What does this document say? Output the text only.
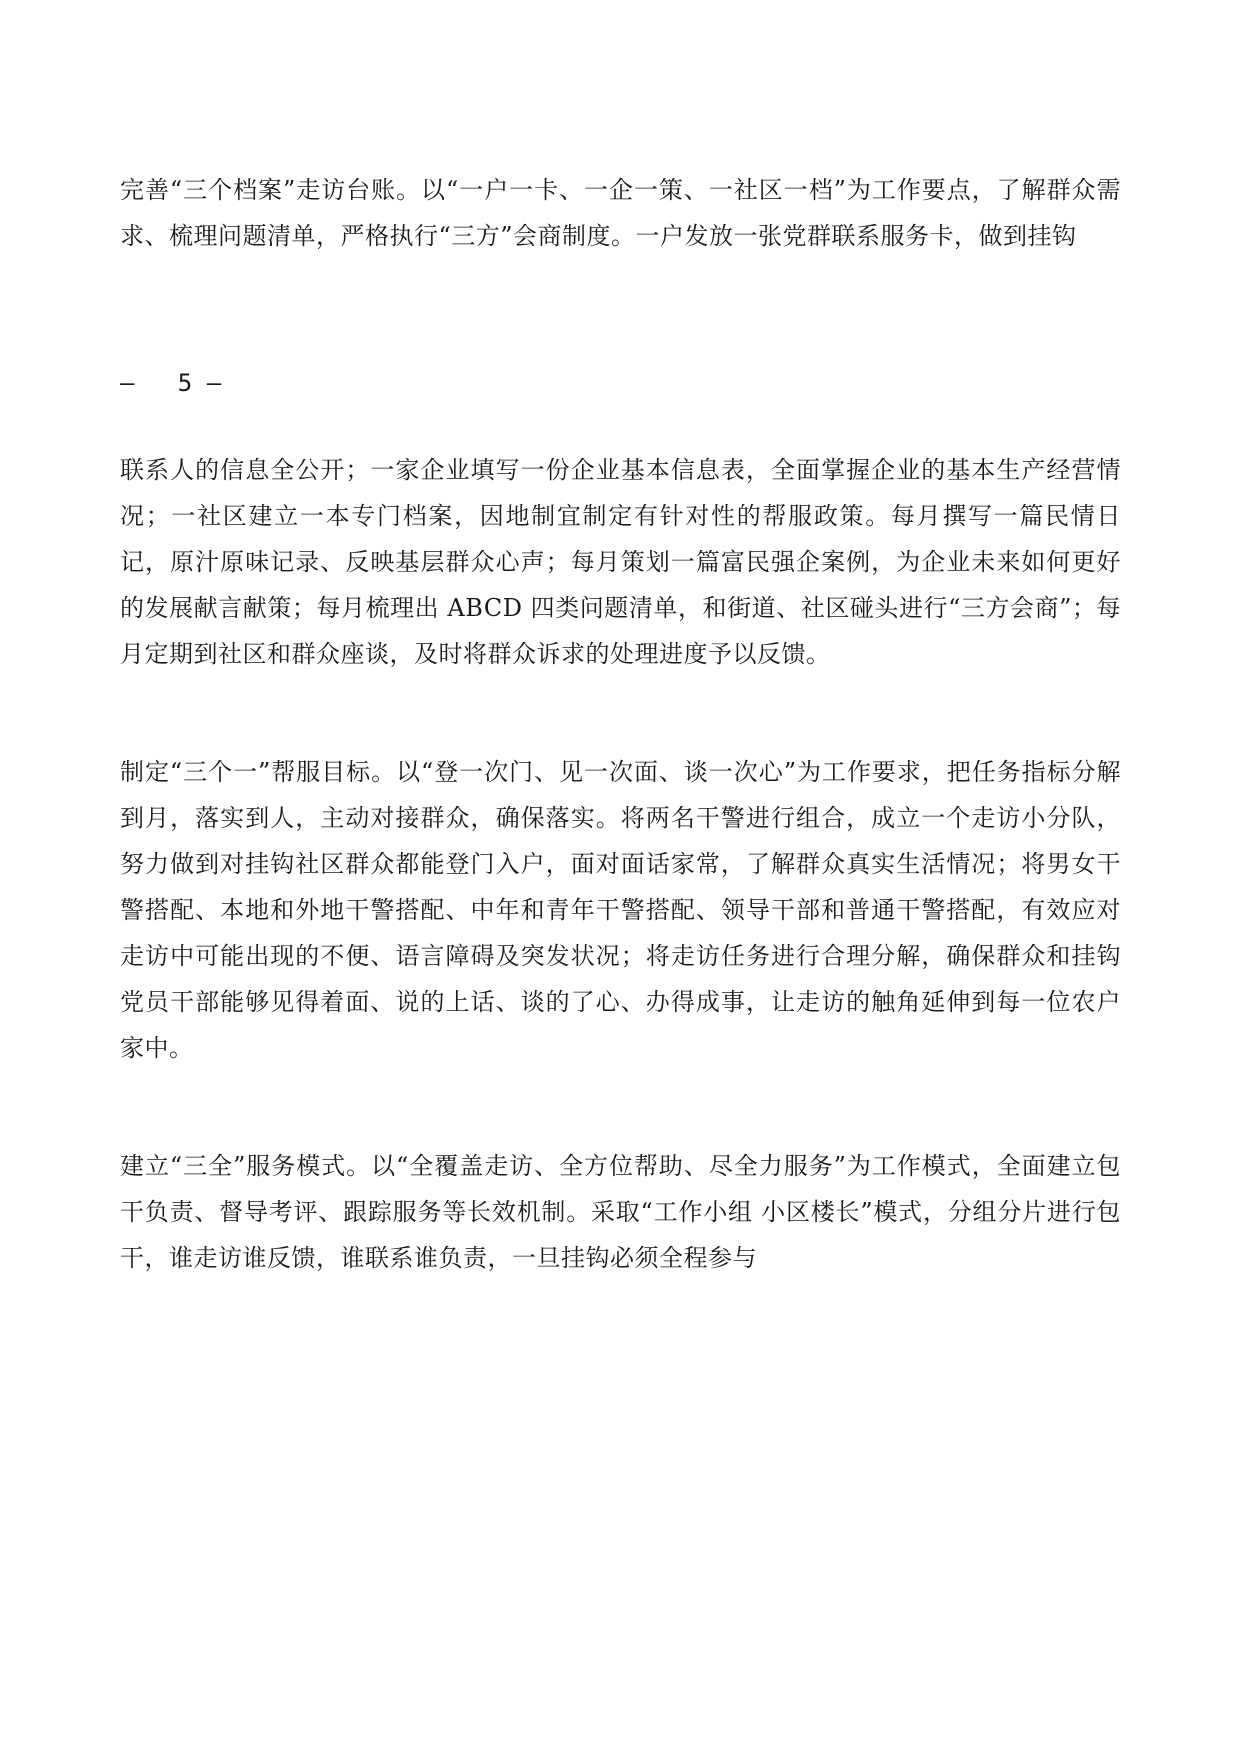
完善“三个档案”走访台账。以“一户一卡、一企一策、一社区一档”为工作要点，了解群众需求、梳理问题清单，严格执行“三方”会商制度。一户发放一张党群联系服务卡，做到挂钩

—   5 —

联系人的信息全公开；一家企业填写一份企业基本信息表，全面掌握企业的基本生产经营情况；一社区建立一本专门档案，因地制宜制定有针对性的帮服政策。每月撰写一篇民情日记，原汁原味记录、反映基层群众心声；每月策划一篇富民强企案例，为企业未来如何更好的发展献言献策；每月梳理出 ABCD 四类问题清单，和街道、社区碰头进行“三方会商”；每月定期到社区和群众座谈，及时将群众诉求的处理进度予以反馈。

制定“三个一”帮服目标。以“登一次门、见一次面、谈一次心”为工作要求，把任务指标分解到月，落实到人，主动对接群众，确保落实。将两名干警进行组合，成立一个走访小分队，努力做到对挂钩社区群众都能登门入户，面对面话家常，了解群众真实生活情况；将男女干警搭配、本地和外地干警搭配、中年和青年干警搭配、领导干部和普通干警搭配，有效应对走访中可能出现的不便、语言障碍及突发状况；将走访任务进行合理分解，确保群众和挂钩党员干部能够见得着面、说的上话、谈的了心、办得成事，让走访的触角延伸到每一位农户家中。

建立“三全”服务模式。以“全覆盖走访、全方位帮助、尽全力服务”为工作模式，全面建立包干负责、督导考评、跟踪服务等长效机制。采取“工作小组 小区楼长”模式，分组分片进行包干，谁走访谁反馈，谁联系谁负责，一旦挂钩必须全程参与
